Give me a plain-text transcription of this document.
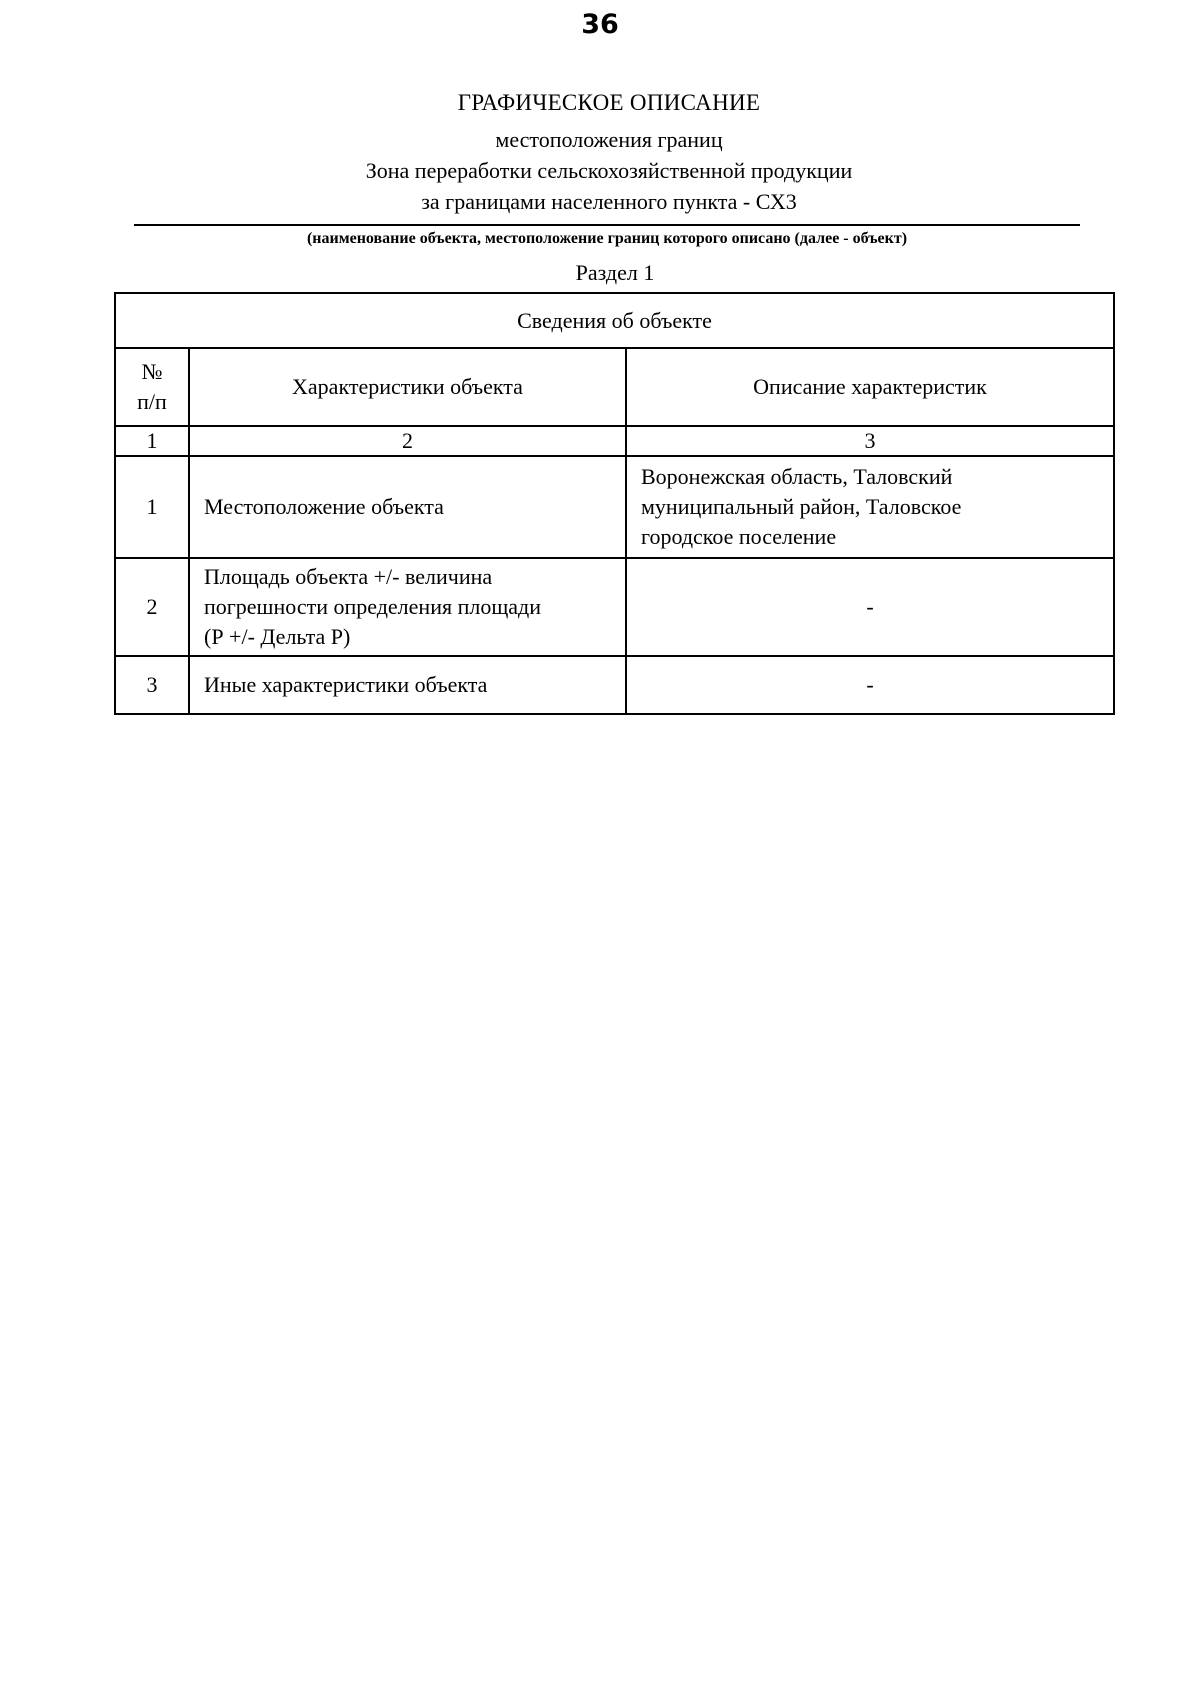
36
ГРАФИЧЕСКОЕ ОПИСАНИЕ
местоположения границ
Зона переработки сельскохозяйственной продукции
за границами населенного пункта - СХ3
(наименование объекта, местоположение границ которого описано (далее - объект)
Раздел 1
Сведения об объекте		

№
п/п	Характеристики объекта	Описание характеристик
1	2	3
1	Местоположение объекта	Воронежская область, Таловский
муниципальный район, Таловское
городское поселение

2	Площадь объекта +/- величина
погрешности определения площади
(Р +/- Дельта Р)	-
3	Иные характеристики объекта	-
